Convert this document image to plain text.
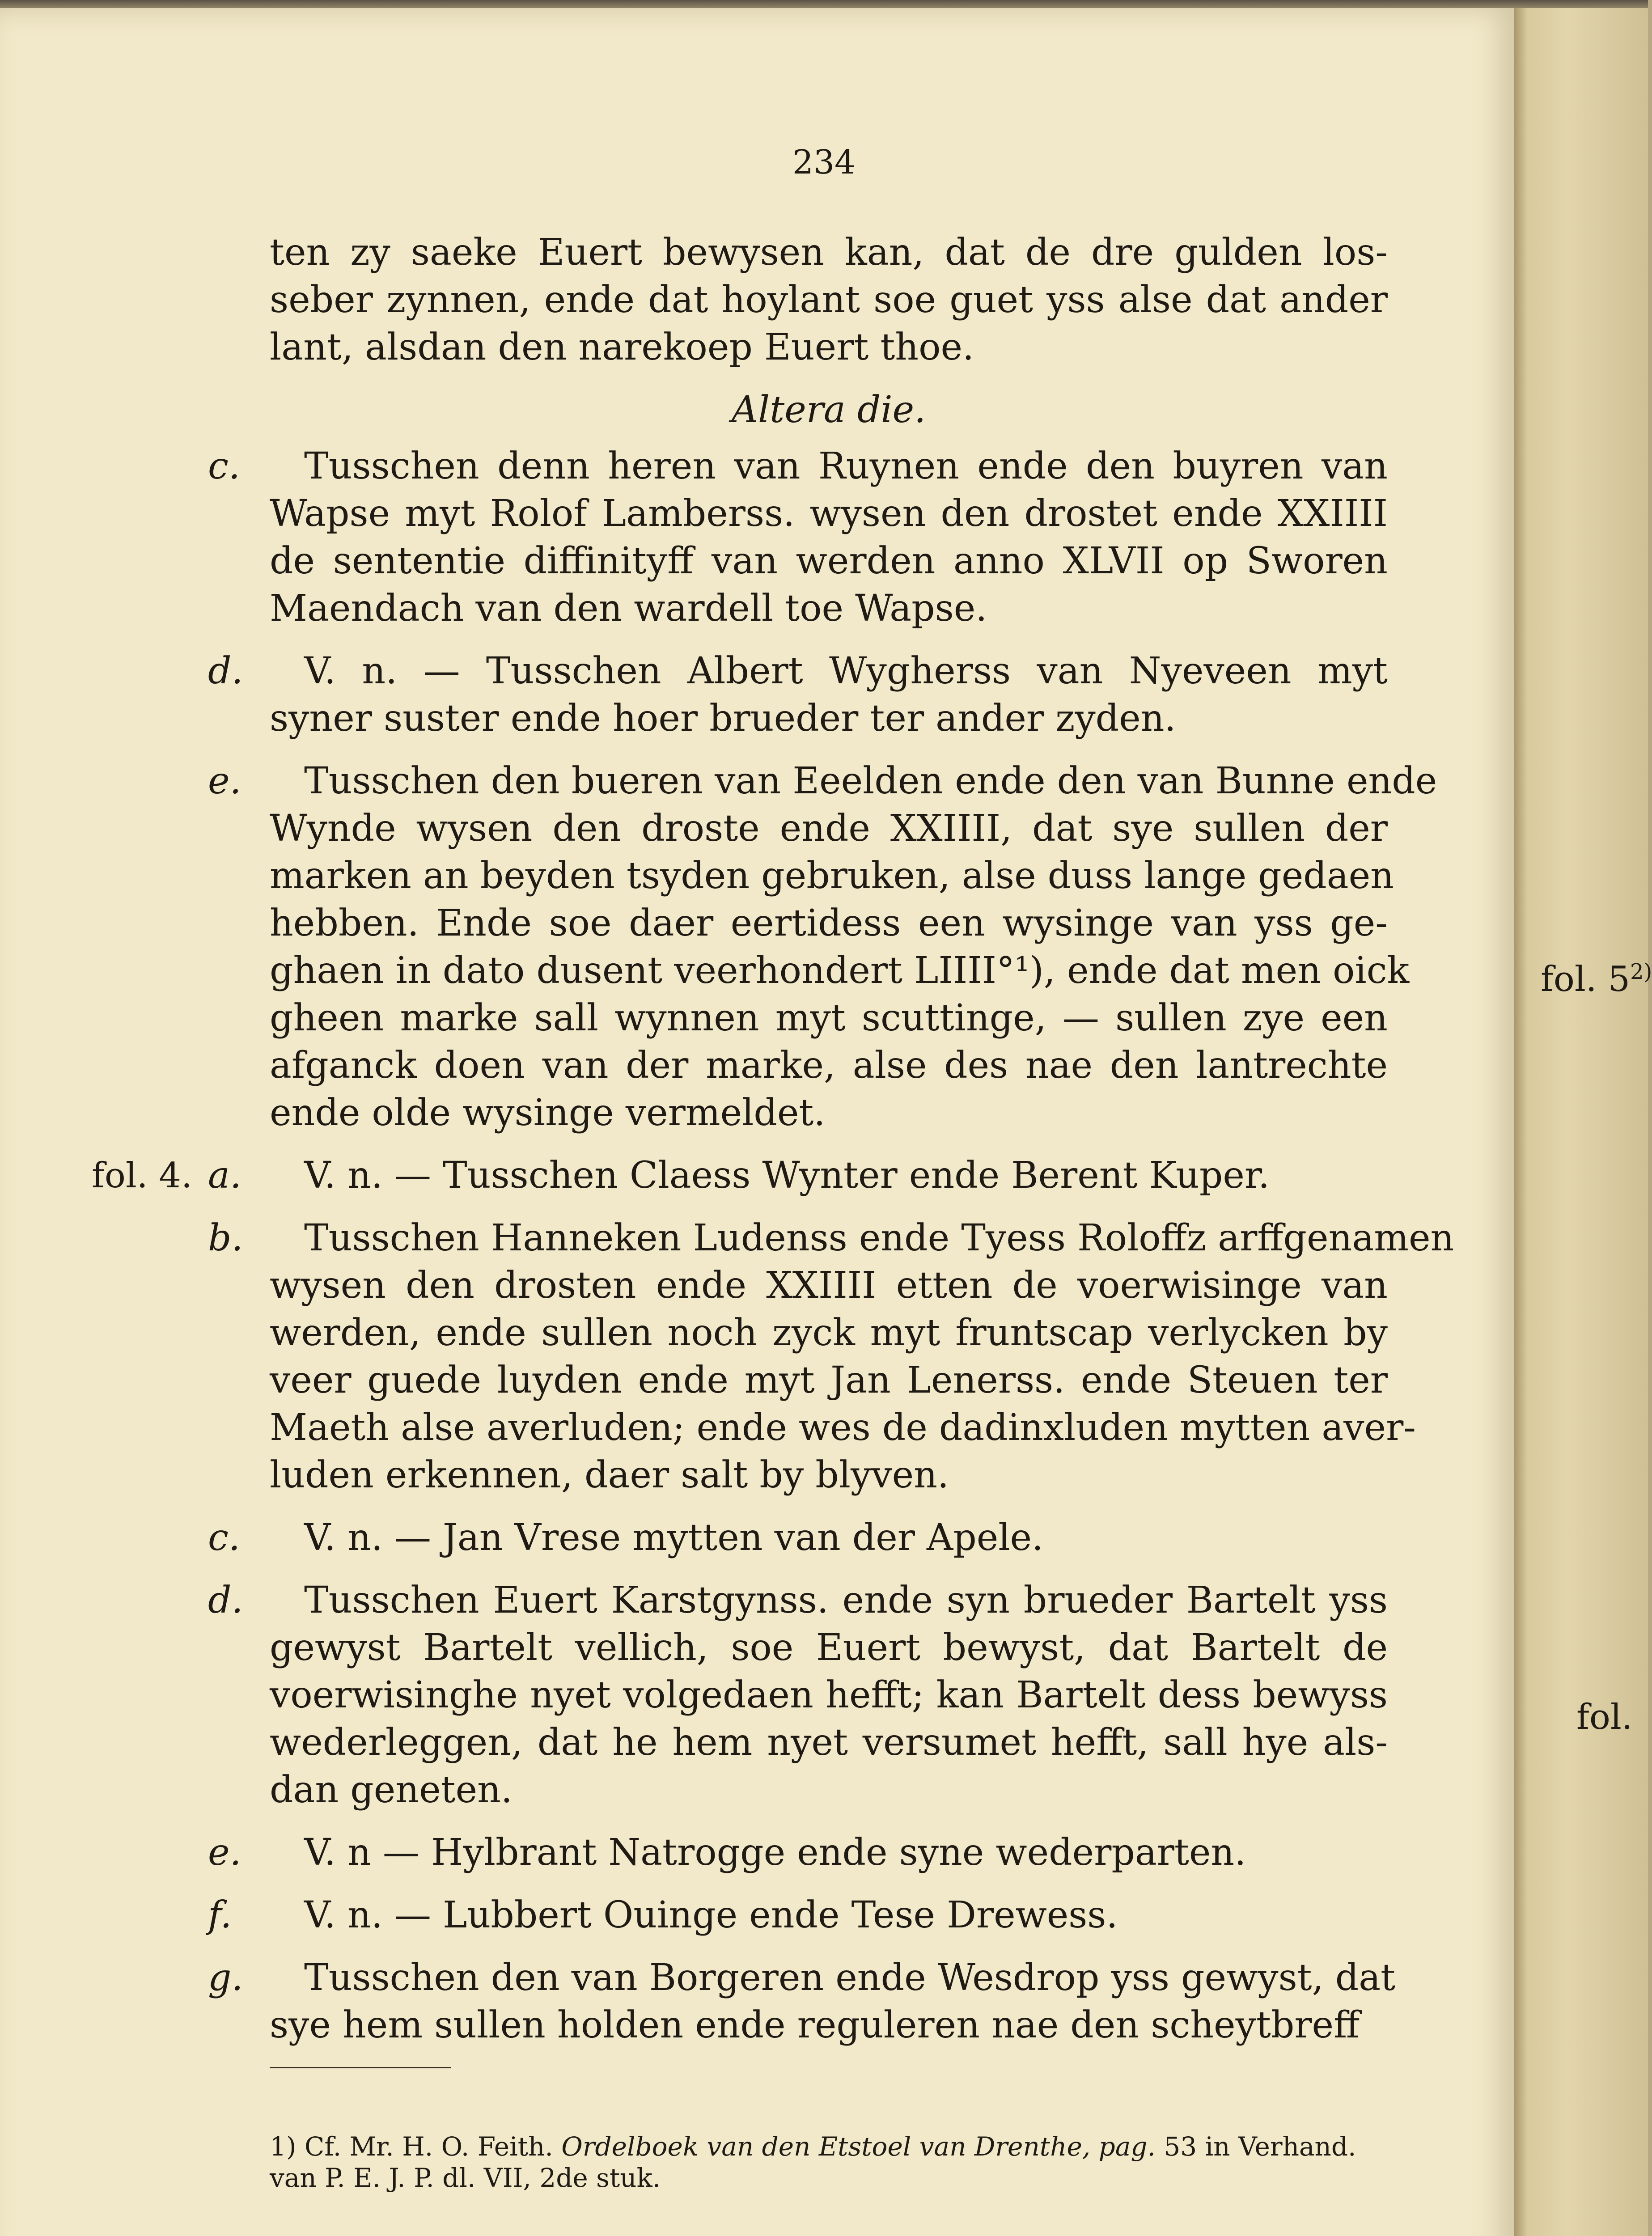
234
ten zy saeke Euert bewysen kan, dat de dre gulden los-
seber zynnen, ende dat hoylant soe guet yss alse dat ander
lant, alsdan den narekoep Euert thoe.
Altera die.
c. Tusschen denn heren van Ruynen ende den buyren van
Wapse myt Rolof Lamberss. wysen den drostet ende XXIIII
de sententie diffinityff van werden anno XLVII op Sworen
Maendach van den wardell toe Wapse.
d. V. n. — Tusschen Albert Wygherss van Nyeveen myt
syner suster ende hoer brueder ter ander zyden.
e. Tusschen den bueren van Eeelden ende den van Bunne ende
Wynde wysen den droste ende XXIIII, dat sye sullen der
marken an beyden tsyden gebruken, alse duss lange gedaen
hebben. Ende soe daer eertidess een wysinge van yss ge-
ghaen in dato dusent veerhondert LIIII°¹), ende dat men oick
gheen marke sall wynnen myt scuttinge, — sullen zye een
afganck doen van der marke, alse des nae den lantrechte
ende olde wysinge vermeldet.
fol. 4. a. V. n. — Tusschen Claess Wynter ende Berent Kuper.
b. Tusschen Hanneken Ludenss ende Tyess Roloffz arffgenamen
wysen den drosten ende XXIIII etten de voerwisinge van
werden, ende sullen noch zyck myt fruntscap verlycken by
veer guede luyden ende myt Jan Lenerss. ende Steuen ter
Maeth alse averluden; ende wes de dadinxluden mytten aver-
luden erkennen, daer salt by blyven.
c. V. n. — Jan Vrese mytten van der Apele.
d. Tusschen Euert Karstgynss. ende syn brueder Bartelt yss
gewyst Bartelt vellich, soe Euert bewyst, dat Bartelt de
voerwisinghe nyet volgedaen hefft; kan Bartelt dess bewyss
wederleggen, dat he hem nyet versumet hefft, sall hye als-
dan geneten.
e. V. n — Hylbrant Natrogge ende syne wederparten.
f. V. n. — Lubbert Ouinge ende Tese Drewess.
g. Tusschen den van Borgeren ende Wesdrop yss gewyst, dat
sye hem sullen holden ende reguleren nae den scheytbreff
fol. 5$^{2)}$
fol.
1) Cf. Mr. H. O. Feith. Ordelboek van den Etstoel van Drenthe, pag. 53 in Verhand.
van P. E. J. P. dl. VII, 2de stuk.
